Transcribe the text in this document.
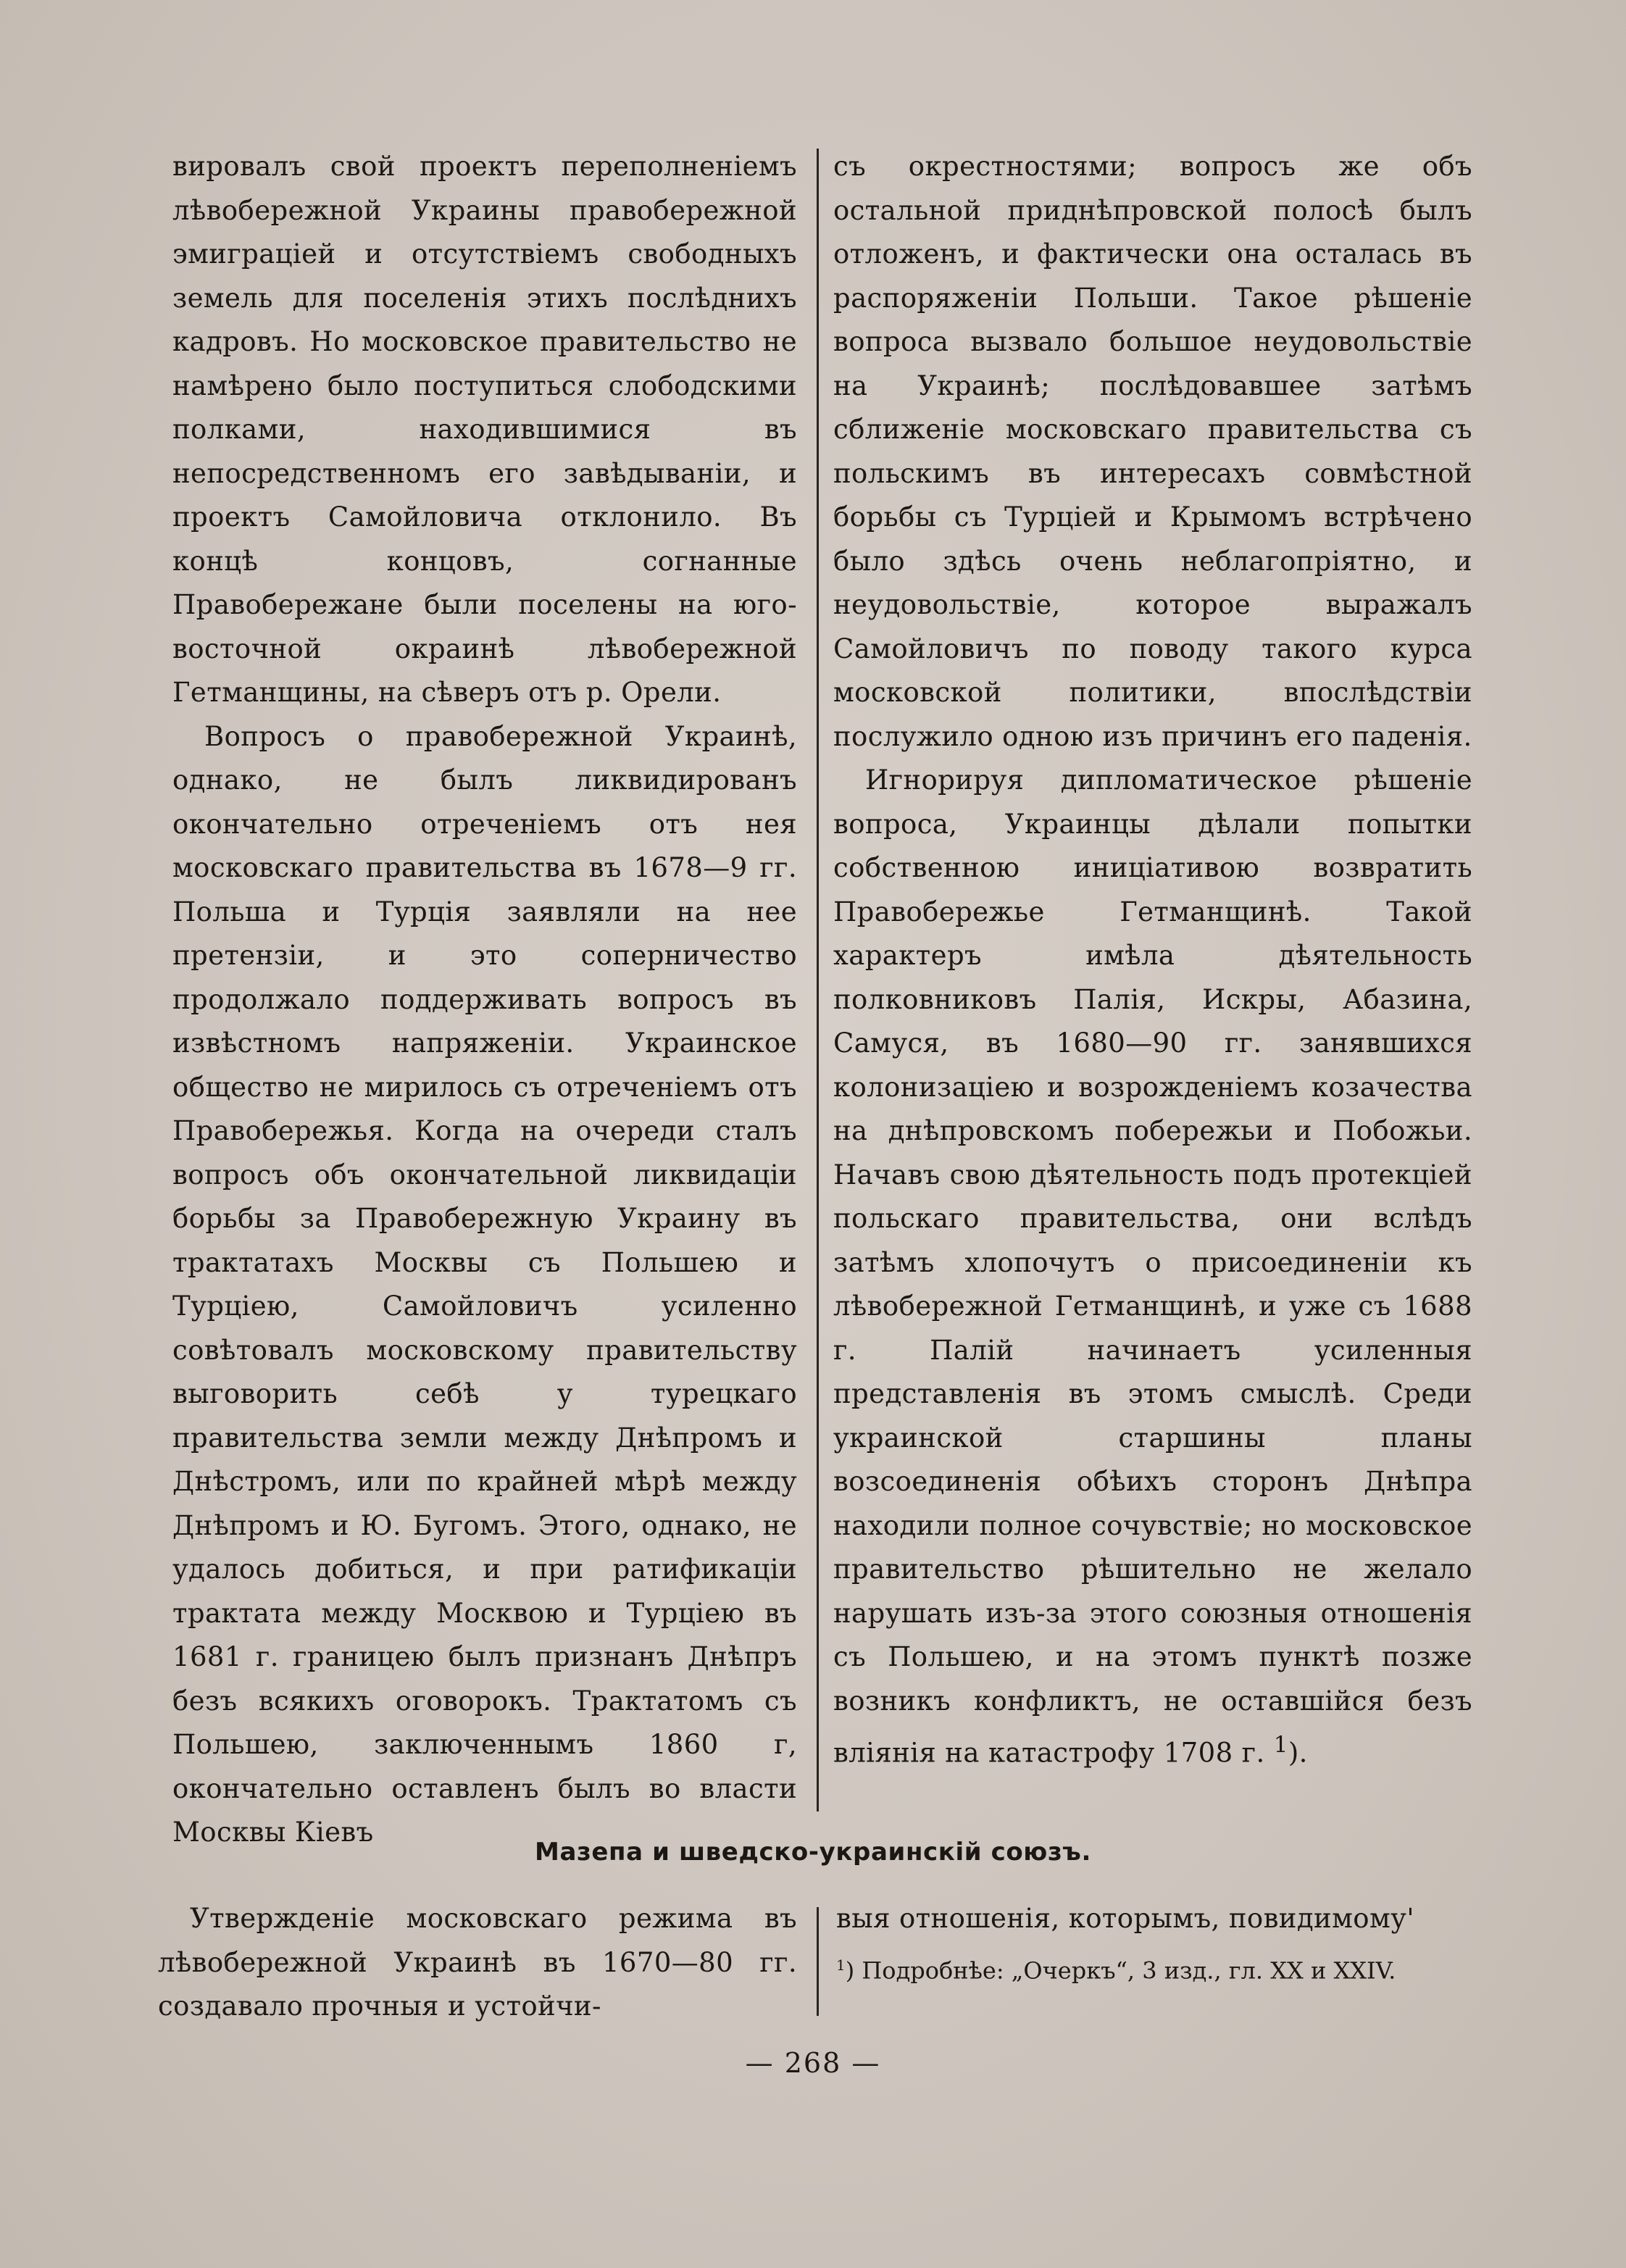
вировалъ свой проектъ переполненіемъ лѣвобережной Украины правобережной эмиграціей и отсутствіемъ свободныхъ земель для поселенія этихъ послѣднихъ кадровъ. Но московское правительство не намѣрено было поступиться слободскими полками, находившимися въ непосредственномъ его завѣдываніи, и проектъ Самойловича отклонило. Въ концѣ концовъ, согнанные Правобережане были поселены на юго-восточной окраинѣ лѣвобережной Гетманщины, на сѣверъ отъ р. Орели.

Вопросъ о правобережной Украинѣ, однако, не былъ ликвидированъ окончательно отреченіемъ отъ нея московскаго правительства въ 1678—9 гг. Польша и Турція заявляли на нее претензіи, и это соперничество продолжало поддерживать вопросъ въ извѣстномъ напряженіи. Украинское общество не мирилось съ отреченіемъ отъ Правобережья. Когда на очереди сталъ вопросъ объ окончательной ликвидаціи борьбы за Правобережную Украину въ трактатахъ Москвы съ Польшею и Турціею, Самойловичъ усиленно совѣтовалъ московскому правительству выговорить себѣ у турецкаго правительства земли между Днѣпромъ и Днѣстромъ, или по крайней мѣрѣ между Днѣпромъ и Ю. Бугомъ. Этого, однако, не удалось добиться, и при ратификаціи трактата между Москвою и Турціею въ 1681 г. границею былъ признанъ Днѣпръ безъ всякихъ оговорокъ. Трактатомъ съ Польшею, заключеннымъ 1860 г, окончательно оставленъ былъ во власти Москвы Кіевъ

съ окрестностями; вопросъ же объ остальной приднѣпровской полосѣ былъ отложенъ, и фактически она осталась въ распоряженіи Польши. Такое рѣшеніе вопроса вызвало большое неудовольствіе на Украинѣ; послѣдовавшее затѣмъ сближеніе московскаго правительства съ польскимъ въ интересахъ совмѣстной борьбы съ Турціей и Крымомъ встрѣчено было здѣсь очень неблагопріятно, и неудовольствіе, которое выражалъ Самойловичъ по поводу такого курса московской политики, впослѣдствіи послужило одною изъ причинъ его паденія.

Игнорируя дипломатическое рѣшеніе вопроса, Украинцы дѣлали попытки собственною иниціативою возвратить Правобережье Гетманщинѣ. Такой характеръ имѣла дѣятельность полковниковъ Палія, Искры, Абазина, Самуся, въ 1680—90 гг. занявшихся колонизаціею и возрожденіемъ козачества на днѣпровскомъ побережьи и Побожьи. Начавъ свою дѣятельность подъ протекціей польскаго правительства, они вслѣдъ затѣмъ хлопочутъ о присоединеніи къ лѣвобережной Гетманщинѣ, и уже съ 1688 г. Палій начинаетъ усиленныя представленія въ этомъ смыслѣ. Среди украинской старшины планы возсоединенія обѣихъ сторонъ Днѣпра находили полное сочувствіе; но московское правительство рѣшительно не желало нарушать изъ-за этого союзныя отношенія съ Польшею, и на этомъ пунктѣ позже возникъ конфликтъ, не оставшійся безъ вліянія на катастрофу 1708 г. $^1$).

Мазепа и шведско-украинскій союзъ.

Утвержденіе московскаго режима въ лѣвобережной Украинѣ въ 1670—80 гг. создавало прочныя и устойчи-

выя отношенія, которымъ, повидимому'

$^1$) Подробнѣе: „Очеркъ“, 3 изд., гл. XX и XXIV.
— 268 —
